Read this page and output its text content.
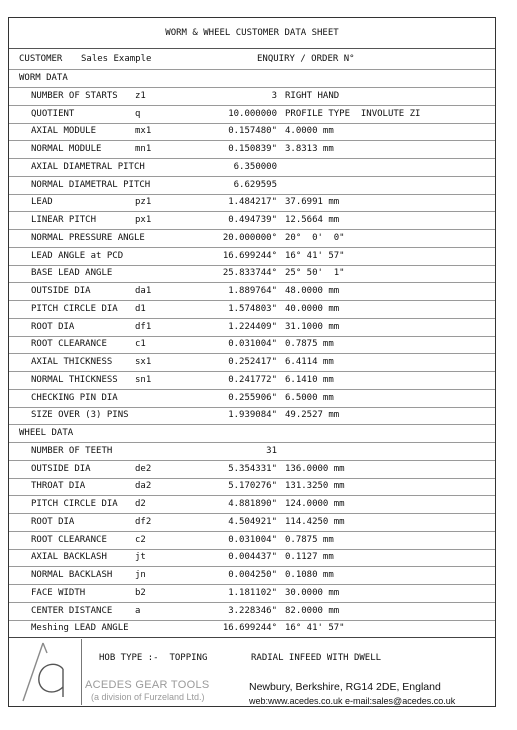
WORM & WHEEL CUSTOMER DATA SHEET
CUSTOMER Sales Example	ENQUIRY / ORDER N°
WORM DATA
NUMBER OF STARTS z1	3 RIGHT HAND
QUOTIENT	q	10.000000 PROFILE TYPE  INVOLUTE ZI
AXIAL MODULE	mx1	0.157480" 4.0000 mm
NORMAL MODULE	mn1	0.150839" 3.8313 mm
AXIAL DIAMETRAL PITCH	6.350000
NORMAL DIAMETRAL PITCH	6.629595
LEAD	pz1	1.484217" 37.6991 mm
LINEAR PITCH	px1	0.494739" 12.5664 mm
NORMAL PRESSURE ANGLE	20.000000° 20°  0'  0"
LEAD ANGLE at PCD	16.699244° 16° 41' 57"
BASE LEAD ANGLE	25.833744° 25° 50'  1"
OUTSIDE DIA	da1	1.889764" 48.0000 mm
PITCH CIRCLE DIA d1	1.574803" 40.0000 mm
ROOT DIA	df1	1.224409" 31.1000 mm
ROOT CLEARANCE	c1	0.031004" 0.7875 mm
AXIAL THICKNESS	sx1	0.252417" 6.4114 mm
NORMAL THICKNESS sn1	0.241772" 6.1410 mm
CHECKING PIN DIA	0.255906" 6.5000 mm
SIZE OVER (3) PINS	1.939084" 49.2527 mm
WHEEL DATA
NUMBER OF TEETH	31
OUTSIDE DIA	de2	5.354331" 136.0000 mm
THROAT DIA	da2	5.170276" 131.3250 mm
PITCH CIRCLE DIA d2	4.881890" 124.0000 mm
ROOT DIA	df2	4.504921" 114.4250 mm
ROOT CLEARANCE	c2	0.031004" 0.7875 mm
AXIAL BACKLASH	jt	0.004437" 0.1127 mm
NORMAL BACKLASH	jn	0.004250" 0.1080 mm
FACE WIDTH	b2	1.181102" 30.0000 mm
CENTER DISTANCE	a	3.228346" 82.0000 mm
Meshing LEAD ANGLE	16.699244° 16° 41' 57"
HOB TYPE :-  TOPPING	RADIAL INFEED WITH DWELL
ACEDES GEAR TOOLS
(a division of Furzeland Ltd.)
Newbury, Berkshire, RG14 2DE, England
web:www.acedes.co.uk e-mail:sales@acedes.co.uk
